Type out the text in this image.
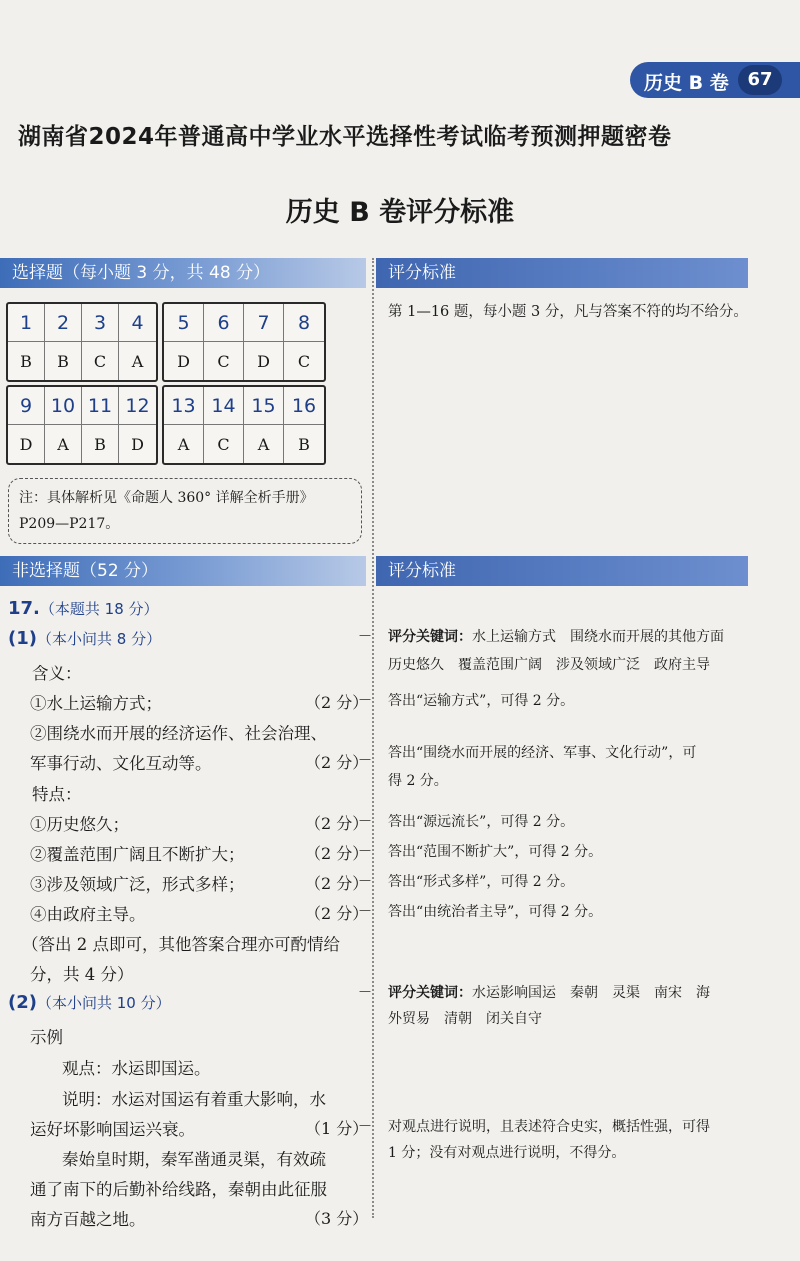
历史 B 卷	67
湖南省2024年普通高中学业水平选择性考试临考预测押题密卷
历史 B 卷评分标准
选择题（每小题 3 分，共 48 分）	评分标准
1	2	3	4
B	B	C	A
5	6	7	8
D	C	D	C
9 10 11 12
D	A	B	D
13 14 15 16
A	C	A	B
注：具体解析见《命题人 360° 详解全析手册》
P209—P217。
第 1—16 题，每小题 3 分，凡与答案不符的均不给分。
非选择题（52 分）	评分标准
17.（本题共 18 分）
(1)（本小问共 8 分）
含义：
①水上运输方式；	（2 分）
②围绕水而开展的经济运作、社会治理、
军事行动、文化互动等。	（2 分）
特点：
①历史悠久；	（2 分）
②覆盖范围广阔且不断扩大；	（2 分）
③涉及领域广泛，形式多样；	（2 分）
④由政府主导。	（2 分）
（答出 2 点即可，其他答案合理亦可酌情给
分，共 4 分）
(2)（本小问共 10 分）
示例
观点：水运即国运。
说明：水运对国运有着重大影响，水
运好坏影响国运兴衰。	（1 分）
秦始皇时期，秦军凿通灵渠，有效疏
通了南下的后勤补给线路，秦朝由此征服
南方百越之地。	（3 分）
—
评分关键词：水上运输方式　围绕水而开展的其他方面
历史悠久　覆盖范围广阔　涉及领域广泛　政府主导
—
答出“运输方式”，可得 2 分。
—
答出“围绕水而开展的经济、军事、文化行动”，可
得 2 分。
—
答出“源远流长”，可得 2 分。
—
答出“范围不断扩大”，可得 2 分。
—
答出“形式多样”，可得 2 分。
—
答出“由统治者主导”，可得 2 分。
—
评分关键词：水运影响国运　秦朝　灵渠　南宋　海
外贸易　清朝　闭关自守
—
对观点进行说明，且表述符合史实，概括性强，可得
1 分；没有对观点进行说明，不得分。
